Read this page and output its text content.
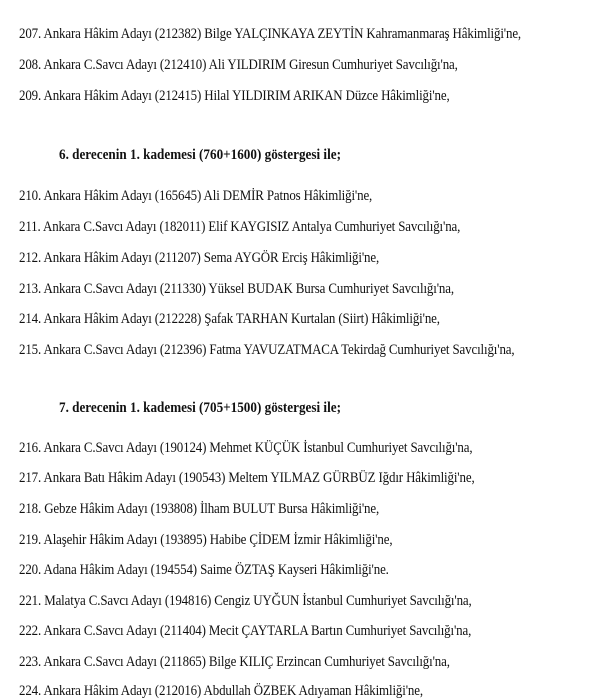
207. Ankara Hâkim Adayı (212382) Bilge YALÇINKAYA ZEYTİN Kahramanmaraş Hâkimliği'ne,
208. Ankara C.Savcı Adayı (212410) Ali YILDIRIM Giresun Cumhuriyet Savcılığı'na,
209. Ankara Hâkim Adayı (212415) Hilal YILDIRIM ARIKAN Düzce Hâkimliği'ne,
6. derecenin 1. kademesi (760+1600) göstergesi ile;
210. Ankara Hâkim Adayı (165645) Ali DEMİR Patnos Hâkimliği'ne,
211. Ankara C.Savcı Adayı (182011) Elif KAYGISIZ Antalya Cumhuriyet Savcılığı'na,
212. Ankara Hâkim Adayı (211207) Sema AYGÖR Erciş Hâkimliği'ne,
213. Ankara C.Savcı Adayı (211330) Yüksel BUDAK Bursa Cumhuriyet Savcılığı'na,
214. Ankara Hâkim Adayı (212228) Şafak TARHAN Kurtalan (Siirt) Hâkimliği'ne,
215. Ankara C.Savcı Adayı (212396) Fatma YAVUZATMACA Tekirdağ Cumhuriyet Savcılığı'na,
7. derecenin 1. kademesi (705+1500) göstergesi ile;
216. Ankara C.Savcı Adayı (190124) Mehmet KÜÇÜK İstanbul Cumhuriyet Savcılığı'na,
217. Ankara Batı Hâkim Adayı (190543) Meltem YILMAZ GÜRBÜZ Iğdır Hâkimliği'ne,
218. Gebze Hâkim Adayı (193808) İlham BULUT Bursa Hâkimliği'ne,
219. Alaşehir Hâkim Adayı (193895) Habibe ÇİDEM İzmir Hâkimliği'ne,
220. Adana Hâkim Adayı (194554) Saime ÖZTAŞ Kayseri Hâkimliği'ne.
221. Malatya C.Savcı Adayı (194816) Cengiz UYĞUN İstanbul Cumhuriyet Savcılığı'na,
222. Ankara C.Savcı Adayı (211404) Mecit ÇAYTARLA Bartın Cumhuriyet Savcılığı'na,
223. Ankara C.Savcı Adayı (211865) Bilge KILIÇ Erzincan Cumhuriyet Savcılığı'na,
224. Ankara Hâkim Adayı (212016) Abdullah ÖZBEK Adıyaman Hâkimliği'ne,
